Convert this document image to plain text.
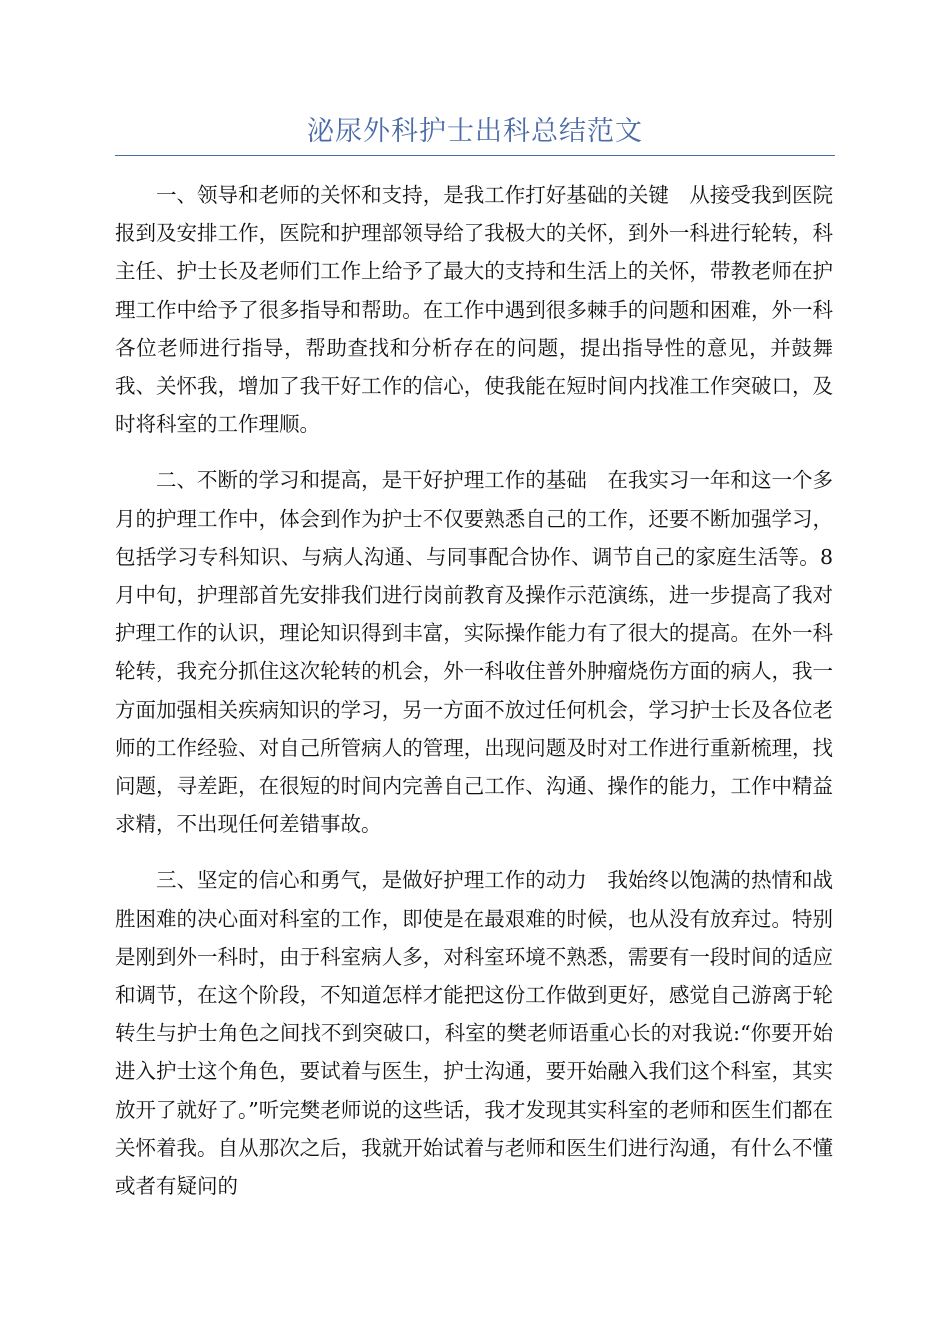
泌尿外科护士出科总结范文

一、领导和老师的关怀和支持，是我工作打好基础的关键　从接受我到医院报到及安排工作，医院和护理部领导给了我极大的关怀，到外一科进行轮转，科主任、护士长及老师们工作上给予了最大的支持和生活上的关怀，带教老师在护理工作中给予了很多指导和帮助。在工作中遇到很多棘手的问题和困难，外一科各位老师进行指导，帮助查找和分析存在的问题，提出指导性的意见，并鼓舞我、关怀我，增加了我干好工作的信心，使我能在短时间内找准工作突破口，及时将科室的工作理顺。

二、不断的学习和提高，是干好护理工作的基础　在我实习一年和这一个多月的护理工作中，体会到作为护士不仅要熟悉自己的工作，还要不断加强学习，包括学习专科知识、与病人沟通、与同事配合协作、调节自己的家庭生活等。8月中旬，护理部首先安排我们进行岗前教育及操作示范演练，进一步提高了我对护理工作的认识，理论知识得到丰富，实际操作能力有了很大的提高。在外一科轮转，我充分抓住这次轮转的机会，外一科收住普外肿瘤烧伤方面的病人，我一方面加强相关疾病知识的学习，另一方面不放过任何机会，学习护士长及各位老师的工作经验、对自己所管病人的管理，出现问题及时对工作进行重新梳理，找问题，寻差距，在很短的时间内完善自己工作、沟通、操作的能力，工作中精益求精，不出现任何差错事故。

三、坚定的信心和勇气，是做好护理工作的动力　我始终以饱满的热情和战胜困难的决心面对科室的工作，即使是在最艰难的时候，也从没有放弃过。特别是刚到外一科时，由于科室病人多，对科室环境不熟悉，需要有一段时间的适应和调节，在这个阶段，不知道怎样才能把这份工作做到更好，感觉自己游离于轮转生与护士角色之间找不到突破口，科室的樊老师语重心长的对我说:“你要开始进入护士这个角色，要试着与医生，护士沟通，要开始融入我们这个科室，其实放开了就好了。”听完樊老师说的这些话，我才发现其实科室的老师和医生们都在关怀着我。自从那次之后，我就开始试着与老师和医生们进行沟通，有什么不懂或者有疑问的
